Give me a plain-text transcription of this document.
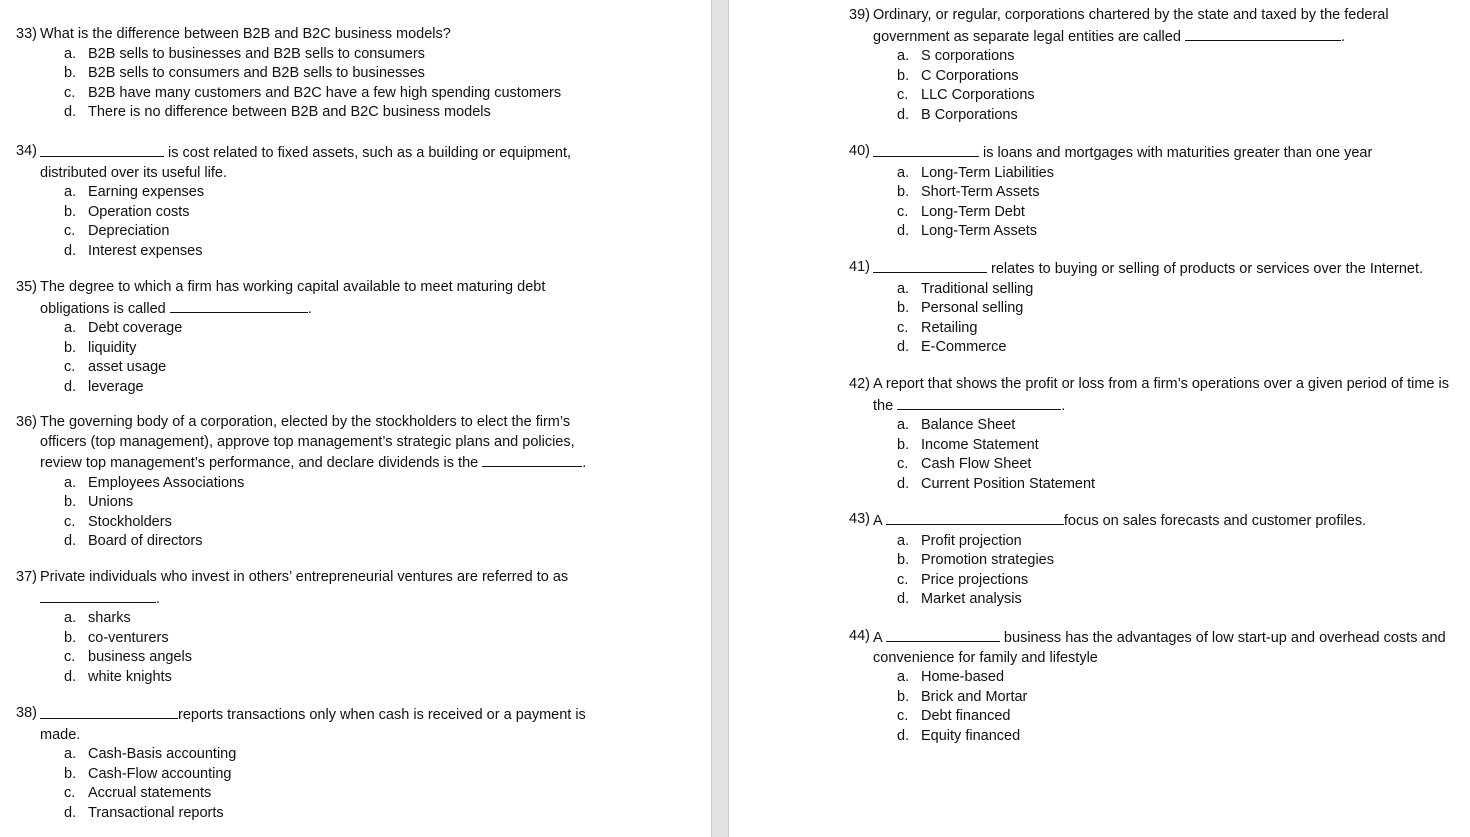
33) What is the difference between B2B and B2C business models?
a. B2B sells to businesses and B2B sells to consumers
b. B2B sells to consumers and B2B sells to businesses
c. B2B have many customers and B2C have a few high spending customers
d. There is no difference between B2B and B2C business models
34)	is cost related to fixed assets, such as a building or equipment, distributed over its useful life.
a. Earning expenses
b. Operation costs
c. Depreciation
d. Interest expenses
35) The degree to which a firm has working capital available to meet maturing debt obligations is called	.
a. Debt coverage
b. liquidity
c. asset usage
d. leverage
36) The governing body of a corporation, elected by the stockholders to elect the firm’s officers (top management), approve top management’s strategic plans and policies, review top management’s performance, and declare dividends is the	.
a. Employees Associations
b. Unions
c. Stockholders
d. Board of directors
37) Private individuals who invest in others’ entrepreneurial ventures are referred to as
.
a. sharks
b. co-venturers
c. business angels
d. white knights
38)	reports transactions only when cash is received or a payment is made.
a. Cash-Basis accounting
b. Cash-Flow accounting
c. Accrual statements
d. Transactional reports
39) Ordinary, or regular, corporations chartered by the state and taxed by the federal government as separate legal entities are called	.
a. S corporations
b. C Corporations
c. LLC Corporations
d. B Corporations
40)	is loans and mortgages with maturities greater than one year
a. Long-Term Liabilities
b. Short-Term Assets
c. Long-Term Debt
d. Long-Term Assets
41)	relates to buying or selling of products or services over the Internet.
a. Traditional selling
b. Personal selling
c. Retailing
d. E-Commerce
42) A report that shows the profit or loss from a firm’s operations over a given period of time is the	.
a. Balance Sheet
b. Income Statement
c. Cash Flow Sheet
d. Current Position Statement
43) A	focus on sales forecasts and customer profiles.
a. Profit projection
b. Promotion strategies
c. Price projections
d. Market analysis
44) A	business has the advantages of low start-up and overhead costs and convenience for family and lifestyle
a. Home-based
b. Brick and Mortar
c. Debt financed
d. Equity financed
